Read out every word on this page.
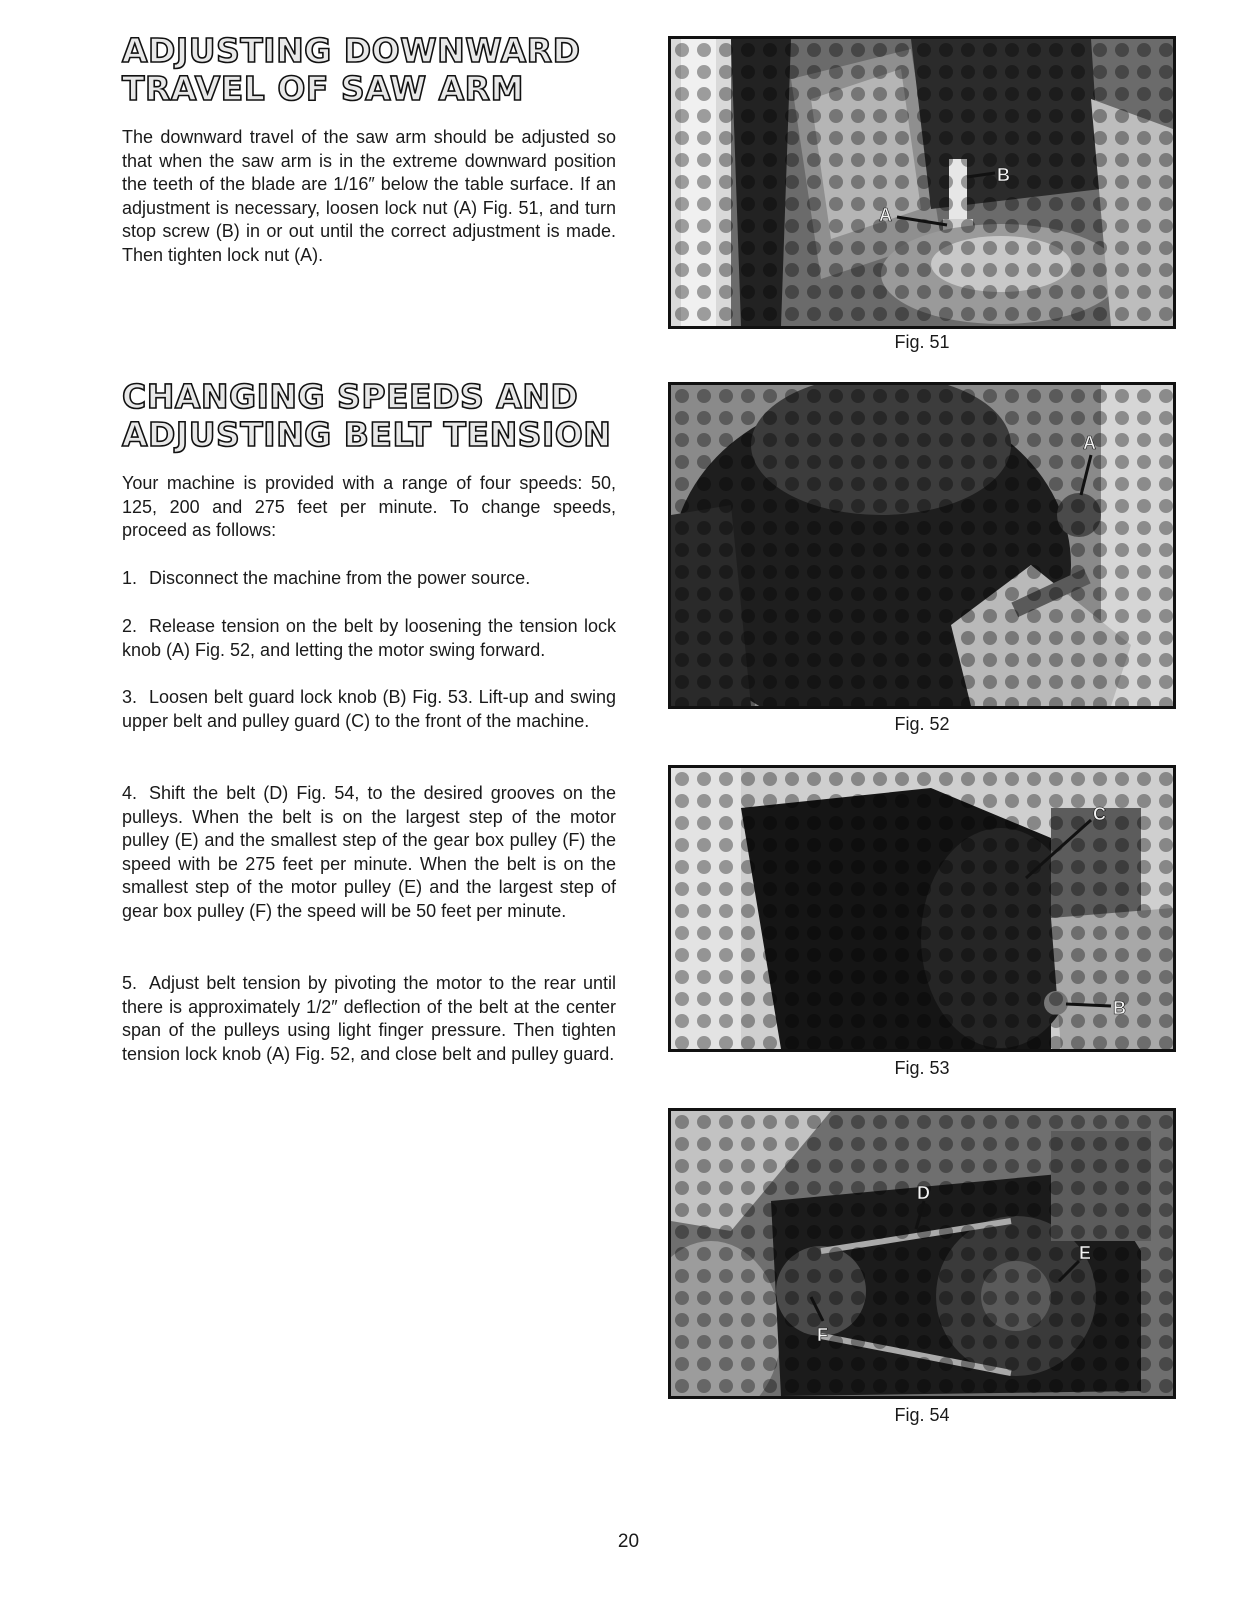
ADJUSTING DOWNWARD
TRAVEL OF SAW ARM

The downward travel of the saw arm should be adjusted so that when the saw arm is in the extreme downward position the teeth of the blade are 1/16″ below the table surface. If an adjustment is necessary, loosen lock nut (A) Fig. 51, and turn stop screw (B) in or out until the correct adjustment is made. Then tighten lock nut (A).

CHANGING SPEEDS AND
ADJUSTING BELT TENSION

Your machine is provided with a range of four speeds: 50, 125, 200 and 275 feet per minute. To change speeds, proceed as follows:

1. Disconnect the machine from the power source.

2. Release tension on the belt by loosening the tension lock knob (A) Fig. 52, and letting the motor swing forward.

3. Loosen belt guard lock knob (B) Fig. 53. Lift-up and swing upper belt and pulley guard (C) to the front of the machine.

4. Shift the belt (D) Fig. 54, to the desired grooves on the pulleys. When the belt is on the largest step of the motor pulley (E) and the smallest step of the gear box pulley (F) the speed with be 275 feet per minute. When the belt is on the smallest step of the motor pulley (E) and the largest step of gear box pulley (F) the speed will be 50 feet per minute.

5. Adjust belt tension by pivoting the motor to the rear until there is approximately 1/2″ deflection of the belt at the center span of the pulleys using light finger pressure. Then tighten tension lock knob (A) Fig. 52, and close belt and pulley guard.

B
A

Fig. 51

A

Fig. 52

C
B

Fig. 53

D
E
F

Fig. 54

20
